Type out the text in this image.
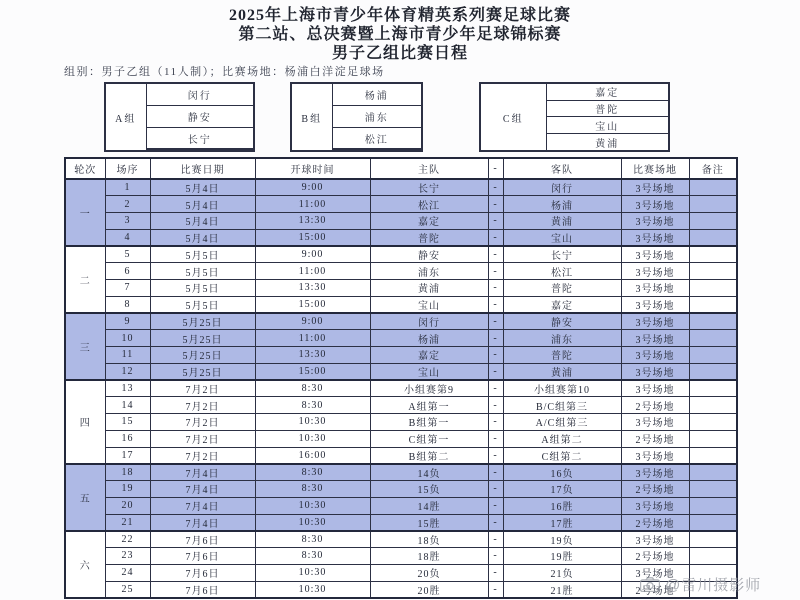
2025年上海市青少年体育精英系列赛足球比赛
第二站、总决赛暨上海市青少年足球锦标赛
男子乙组比赛日程
组别：男子乙组（11人制）；比赛场地：杨浦白洋淀足球场
A组	闵行
静安
长宁

B组	杨浦
浦东
松江

C组	嘉定
普陀
宝山
黄浦
轮次	场序	比赛日期	开球时间	主队	-	客队	比赛场地	备注
一	1	5月4日	9:00	长宁	-	闵行	3号场地	
	2	5月4日	11:00	松江	-	杨浦	3号场地	
	3	5月4日	13:30	嘉定	-	黄浦	3号场地	
	4	5月4日	15:00	普陀	-	宝山	3号场地	
二	5	5月5日	9:00	静安	-	长宁	3号场地	
	6	5月5日	11:00	浦东	-	松江	3号场地	
	7	5月5日	13:30	黄浦	-	普陀	3号场地	
	8	5月5日	15:00	宝山	-	嘉定	3号场地	
三	9	5月25日	9:00	闵行	-	静安	3号场地	
	10	5月25日	11:00	杨浦	-	浦东	3号场地	
	11	5月25日	13:30	嘉定	-	普陀	3号场地	
	12	5月25日	15:00	宝山	-	黄浦	3号场地	
四	13	7月2日	8:30	小组赛第9	-	小组赛第10	3号场地	
	14	7月2日	8:30	A组第一	-	B/C组第三	2号场地	
	15	7月2日	10:30	B组第一	-	A/C组第三	3号场地	
	16	7月2日	10:30	C组第一	-	A组第二	2号场地	
	17	7月2日	16:00	B组第二	-	C组第二	3号场地	
五	18	7月4日	8:30	14负	-	16负	3号场地	
	19	7月4日	8:30	15负	-	17负	2号场地	
	20	7月4日	10:30	14胜	-	16胜	3号场地	
	21	7月4日	10:30	15胜	-	17胜	2号场地	
六	22	7月6日	8:30	18负	-	19负	3号场地	
	23	7月6日	8:30	18胜	-	19胜	2号场地	
	24	7月6日	10:30	20负	-	21负	3号场地	
	25	7月6日	10:30	20胜	-	21胜	2号场地	
@雷川摄影师
